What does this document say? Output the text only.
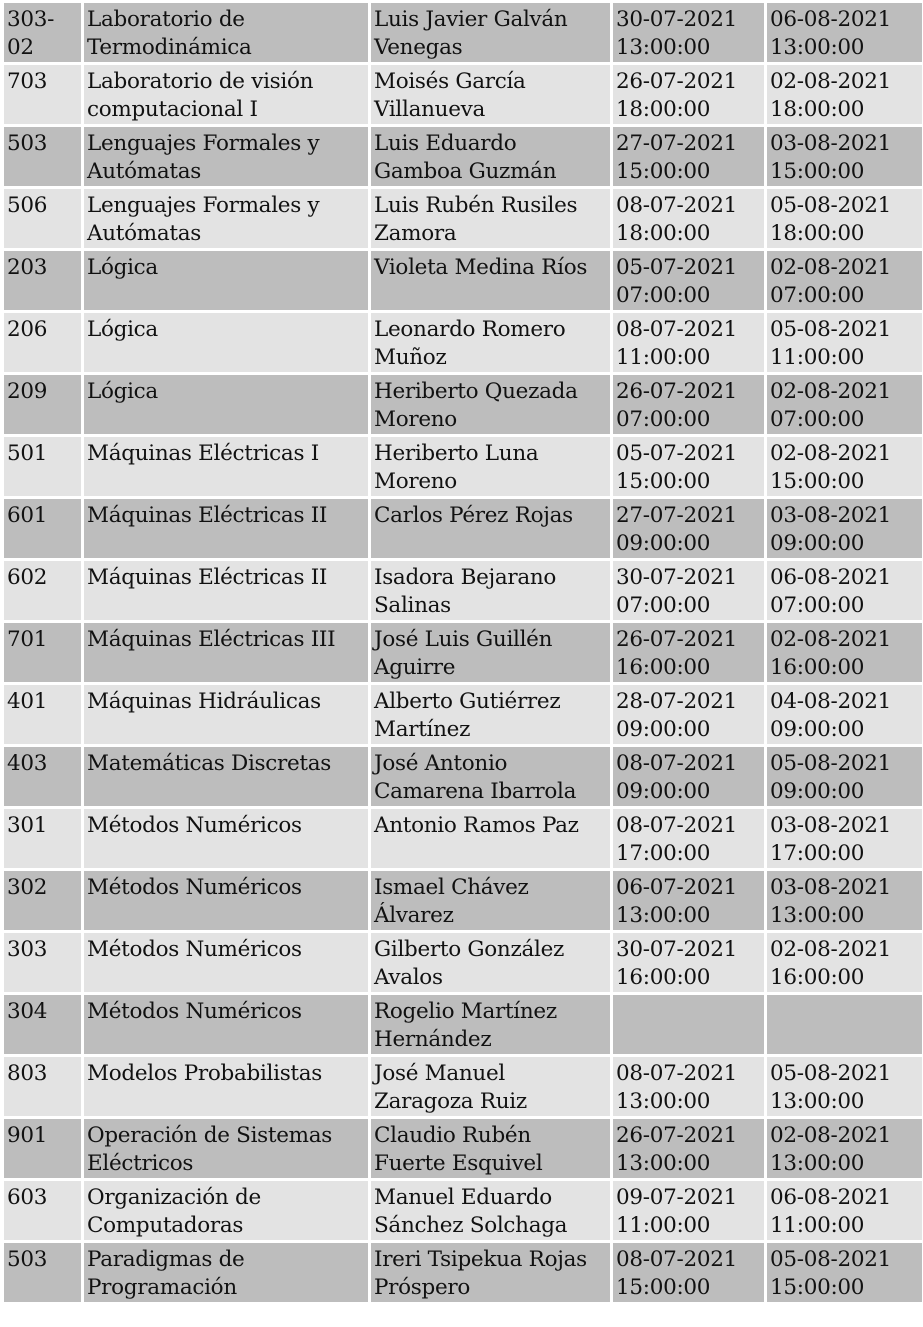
303-02	Laboratorio de Termodinámica	Luis Javier Galván Venegas	30-07-2021 13:00:00	06-08-2021 13:00:00
703	Laboratorio de visión computacional I	Moisés García Villanueva	26-07-2021 18:00:00	02-08-2021 18:00:00
503	Lenguajes Formales y Autómatas	Luis Eduardo Gamboa Guzmán	27-07-2021 15:00:00	03-08-2021 15:00:00
506	Lenguajes Formales y Autómatas	Luis Rubén Rusiles Zamora	08-07-2021 18:00:00	05-08-2021 18:00:00
203	Lógica	Violeta Medina Ríos	05-07-2021 07:00:00	02-08-2021 07:00:00
206	Lógica	Leonardo Romero Muñoz	08-07-2021 11:00:00	05-08-2021 11:00:00
209	Lógica	Heriberto Quezada Moreno	26-07-2021 07:00:00	02-08-2021 07:00:00
501	Máquinas Eléctricas I	Heriberto Luna Moreno	05-07-2021 15:00:00	02-08-2021 15:00:00
601	Máquinas Eléctricas II	Carlos Pérez Rojas	27-07-2021 09:00:00	03-08-2021 09:00:00
602	Máquinas Eléctricas II	Isadora Bejarano Salinas	30-07-2021 07:00:00	06-08-2021 07:00:00
701	Máquinas Eléctricas III	José Luis Guillén Aguirre	26-07-2021 16:00:00	02-08-2021 16:00:00
401	Máquinas Hidráulicas	Alberto Gutiérrez Martínez	28-07-2021 09:00:00	04-08-2021 09:00:00
403	Matemáticas Discretas	José Antonio Camarena Ibarrola	08-07-2021 09:00:00	05-08-2021 09:00:00
301	Métodos Numéricos	Antonio Ramos Paz	08-07-2021 17:00:00	03-08-2021 17:00:00
302	Métodos Numéricos	Ismael Chávez Álvarez	06-07-2021 13:00:00	03-08-2021 13:00:00
303	Métodos Numéricos	Gilberto González Avalos	30-07-2021 16:00:00	02-08-2021 16:00:00
304	Métodos Numéricos	Rogelio Martínez Hernández		
803	Modelos Probabilistas	José Manuel Zaragoza Ruiz	08-07-2021 13:00:00	05-08-2021 13:00:00
901	Operación de Sistemas Eléctricos	Claudio Rubén Fuerte Esquivel	26-07-2021 13:00:00	02-08-2021 13:00:00
603	Organización de Computadoras	Manuel Eduardo Sánchez Solchaga	09-07-2021 11:00:00	06-08-2021 11:00:00
503	Paradigmas de Programación	Ireri Tsipekua Rojas Próspero	08-07-2021 15:00:00	05-08-2021 15:00:00
